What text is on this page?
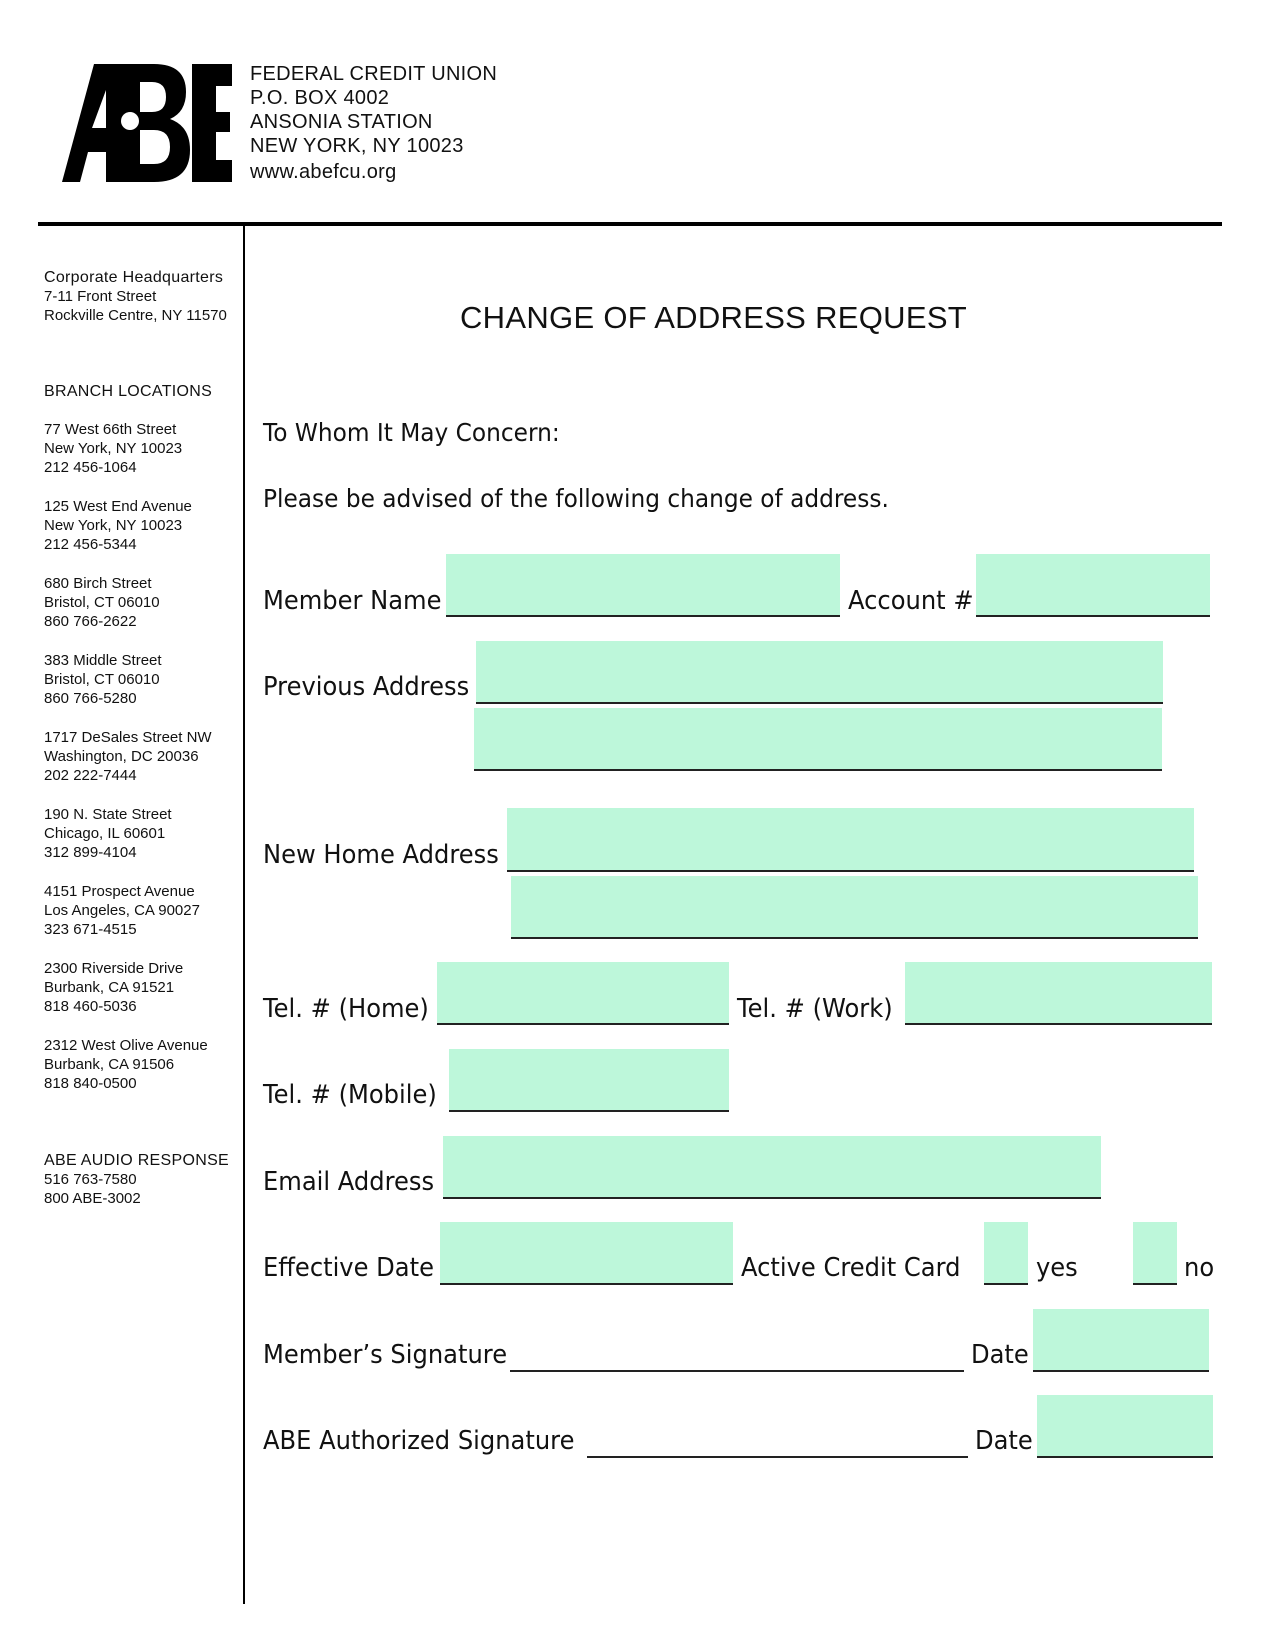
FEDERAL CREDIT UNION
P.O. BOX 4002
ANSONIA STATION
NEW YORK, NY 10023
www.abefcu.org
Corporate Headquarters
7-11 Front Street
Rockville Centre, NY 11570
BRANCH LOCATIONS
77 West 66th Street
New York, NY 10023
212 456-1064
125 West End Avenue
New York, NY 10023
212 456-5344
680 Birch Street
Bristol, CT 06010
860 766-2622
383 Middle Street
Bristol, CT 06010
860 766-5280
1717 DeSales Street NW
Washington, DC 20036
202 222-7444
190 N. State Street
Chicago, IL 60601
312 899-4104
4151 Prospect Avenue
Los Angeles, CA 90027
323 671-4515
2300 Riverside Drive
Burbank, CA 91521
818 460-5036
2312 West Olive Avenue
Burbank, CA 91506
818 840-0500
ABE AUDIO RESPONSE
516 763-7580
800 ABE-3002
CHANGE OF ADDRESS REQUEST
To Whom It May Concern:
Please be advised of the following change of address.
Member Name	Account #
Previous Address
New Home Address
Tel. # (Home)	Tel. # (Work)
Tel. # (Mobile)
Email Address
Effective Date	Active Credit Card	yes	no
Member’s Signature	Date
ABE Authorized Signature	Date
